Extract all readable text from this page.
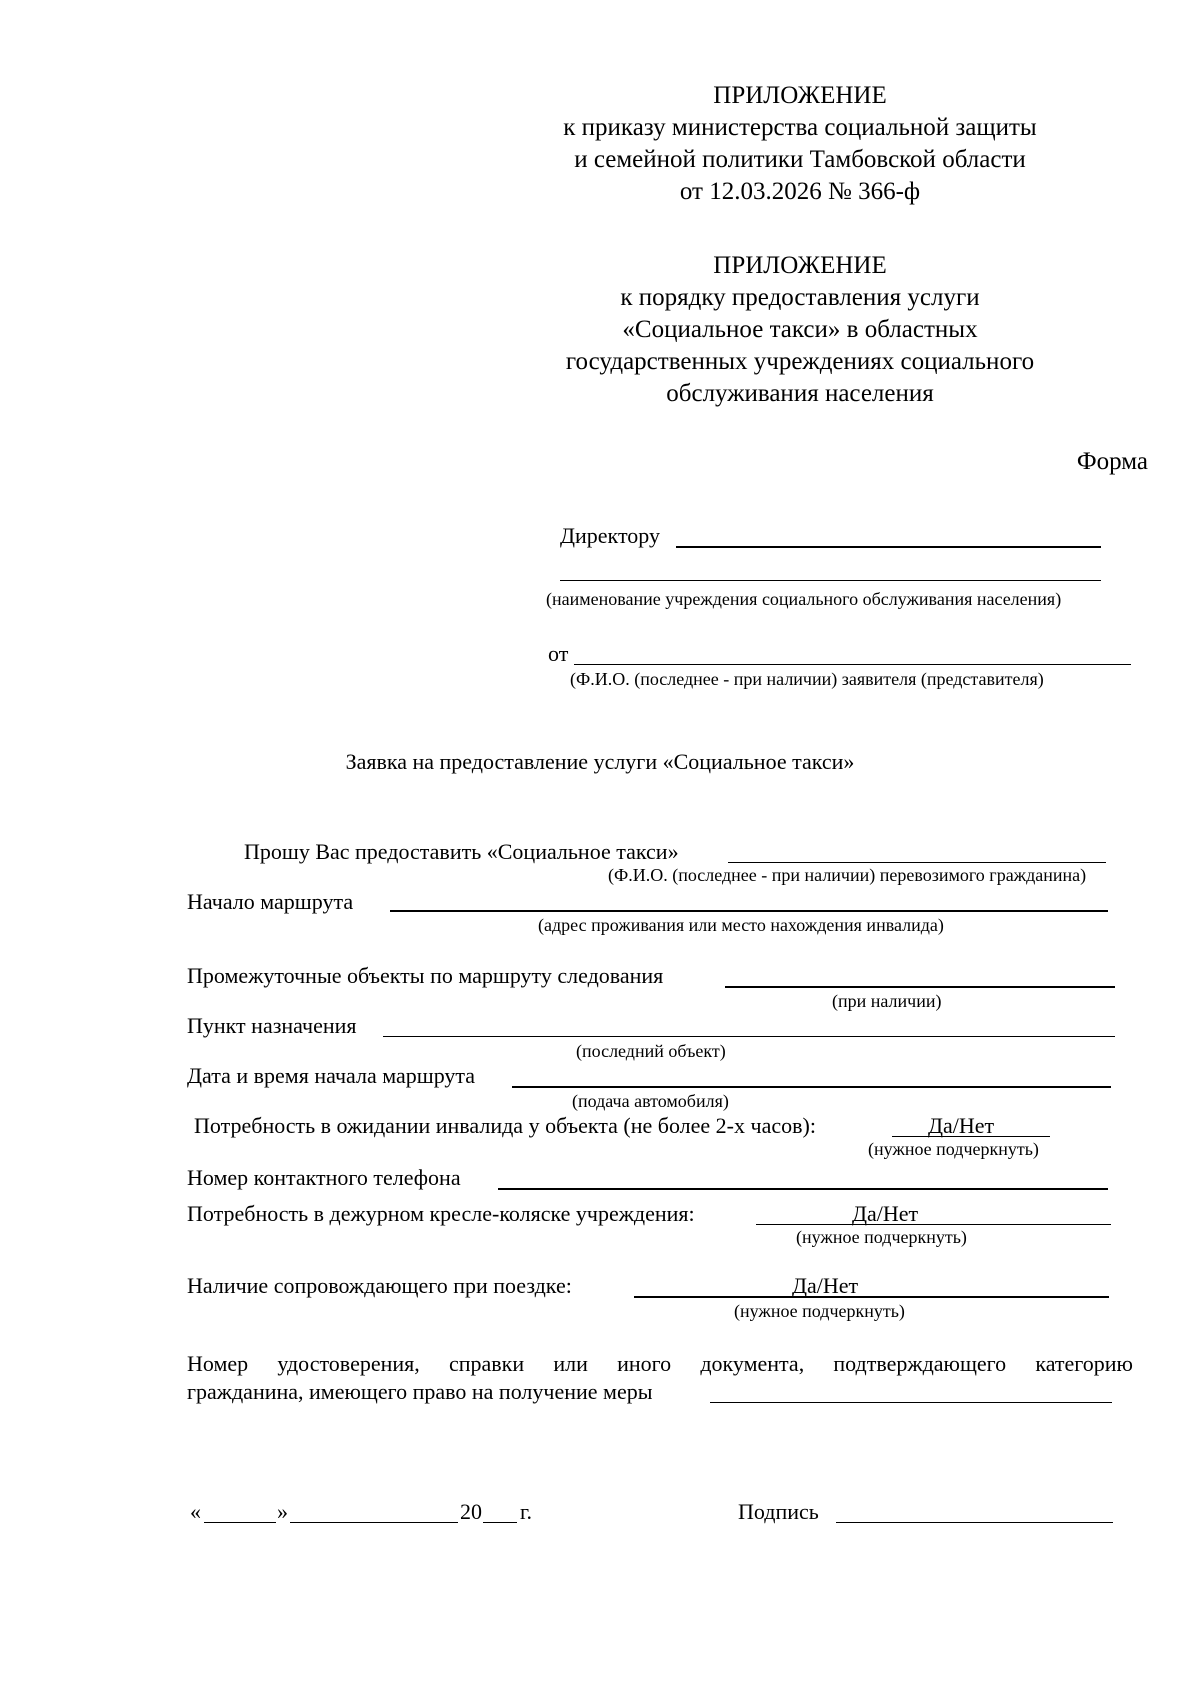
ПРИЛОЖЕНИЕ
к приказу министерства социальной защиты
и семейной политики Тамбовской области
от 12.03.2026 № 366-ф
ПРИЛОЖЕНИЕ
к порядку предоставления услуги
«Социальное такси» в областных
государственных учреждениях социального
обслуживания населения
Форма
Директору
(наименование учреждения социального обслуживания населения)
от
(Ф.И.О. (последнее - при наличии) заявителя (представителя)
Заявка на предоставление услуги «Социальное такси»
Прошу Вас предоставить «Социальное такси»
(Ф.И.О. (последнее - при наличии) перевозимого гражданина)
Начало маршрута
(адрес проживания или место нахождения инвалида)
Промежуточные объекты по маршруту следования
(при наличии)
Пункт назначения
(последний объект)
Дата и время начала маршрута
(подача автомобиля)
Потребность в ожидании инвалида у объекта (не более 2-х часов):	Да/Нет
(нужное подчеркнуть)
Номер контактного телефона
Потребность в дежурном кресле-коляске учреждения:	Да/Нет
(нужное подчеркнуть)
Наличие сопровождающего при поездке:	Да/Нет
(нужное подчеркнуть)
Номер удостоверения, справки или иного документа, подтверждающего категорию
гражданина, имеющего право на получение меры
«	»	20 г.	Подпись
